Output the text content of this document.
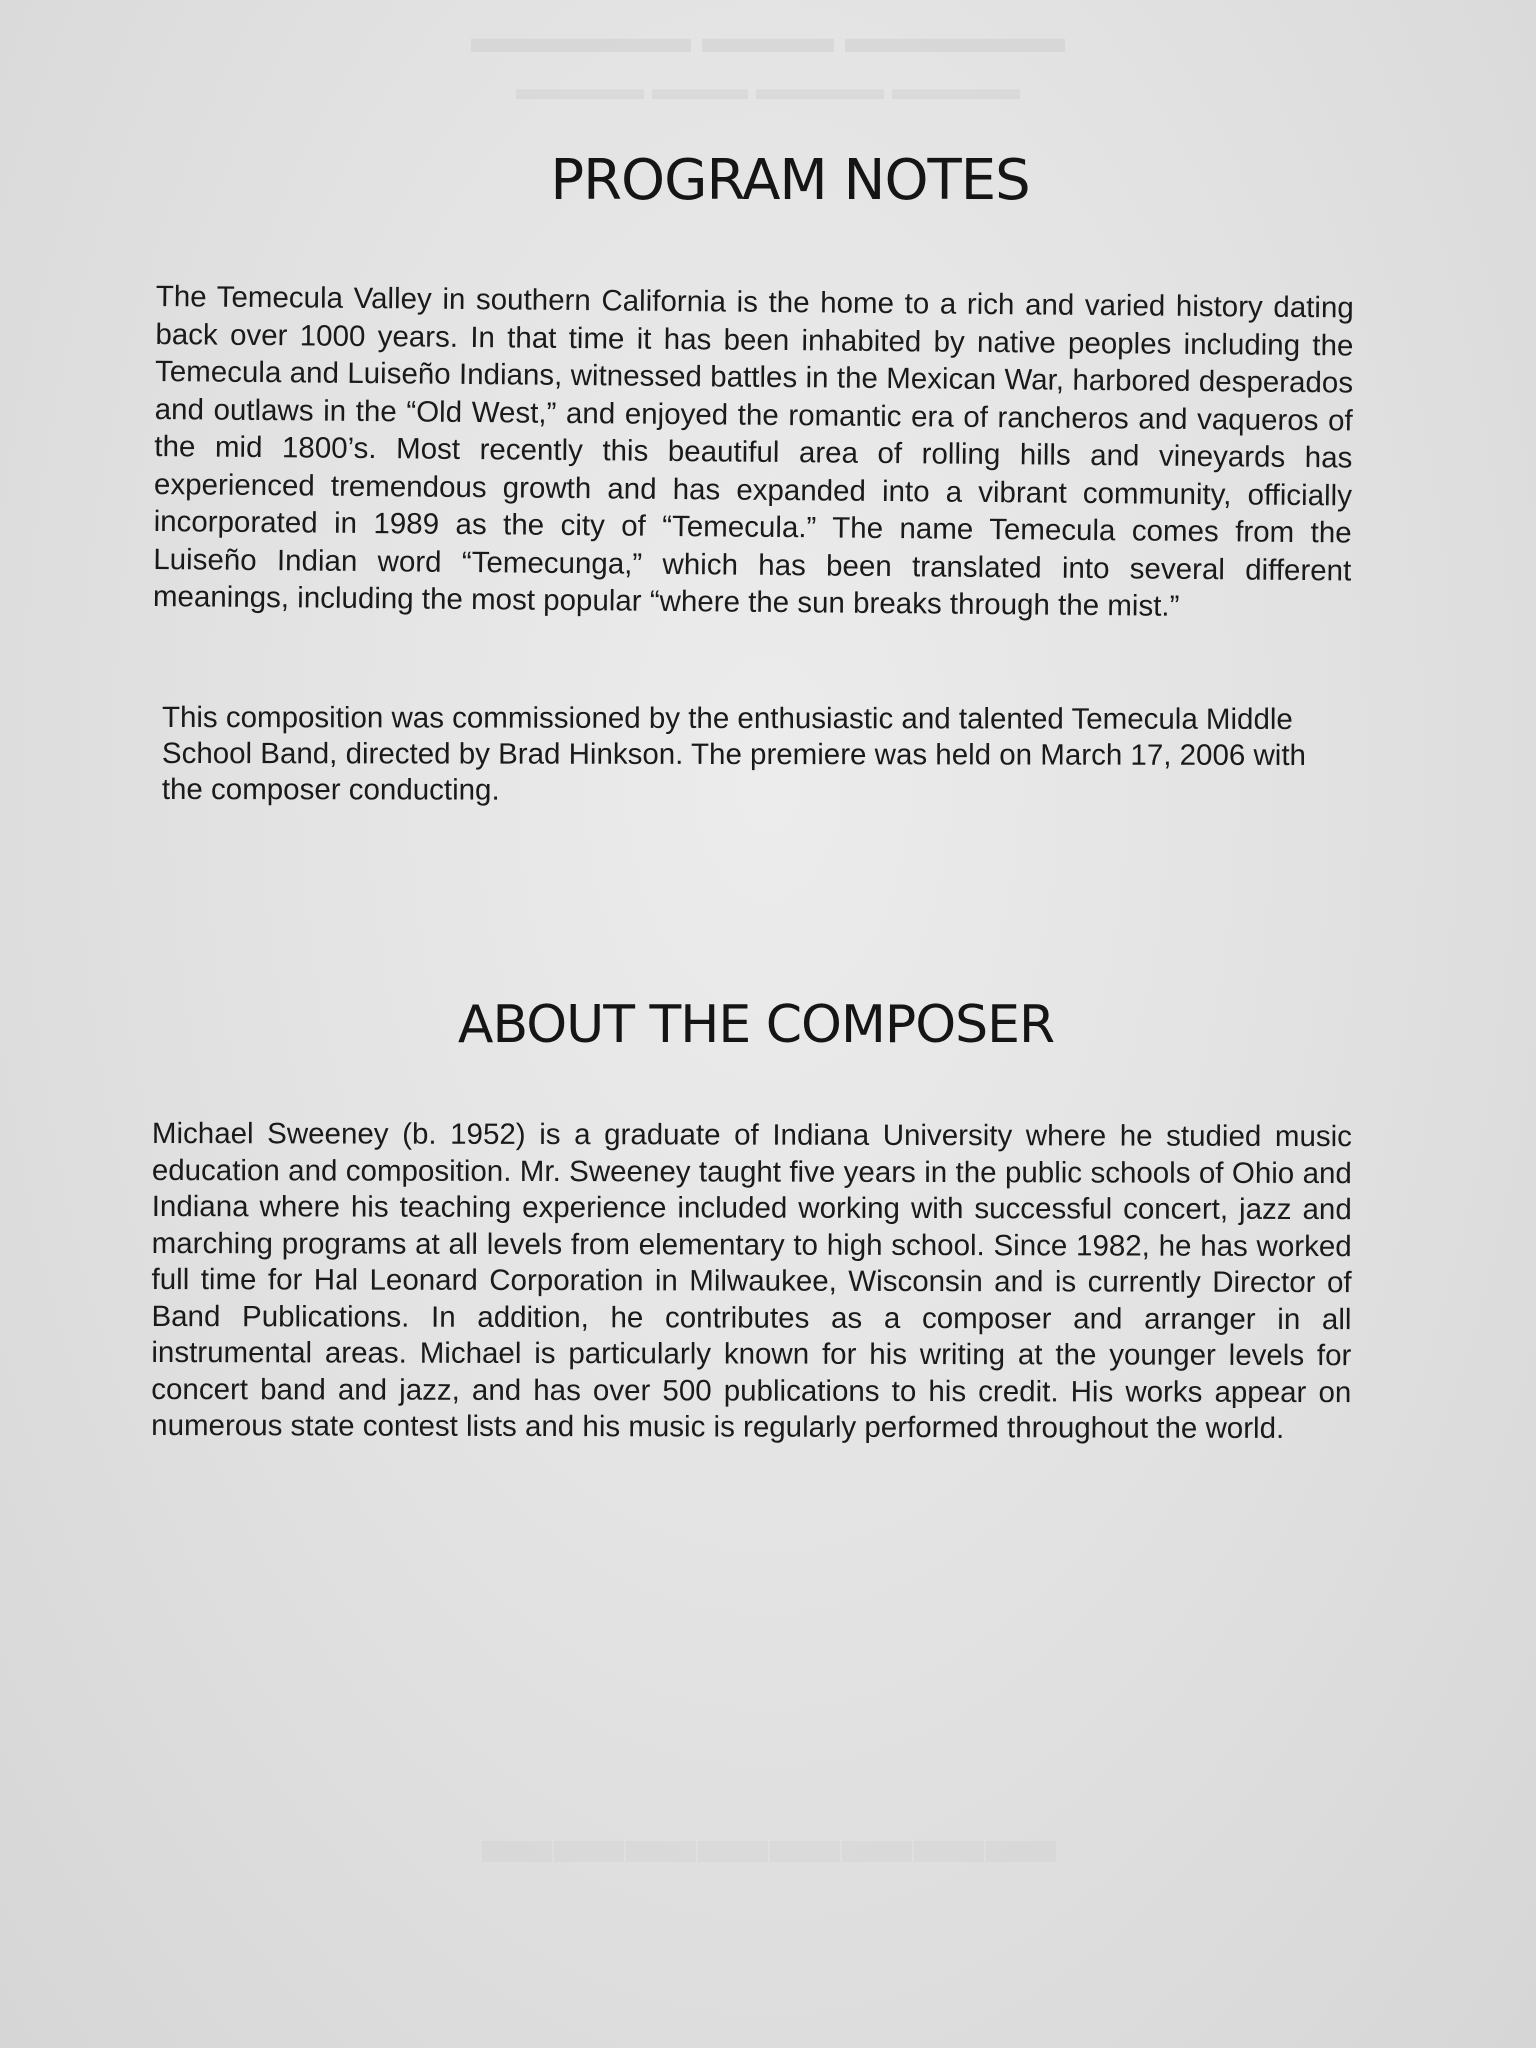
▬▬▬▬▬ ▬▬▬ ▬▬▬▬▬
▬▬▬▬ ▬▬▬▬ ▬▬▬ ▬▬▬▬
PROGRAM NOTES

The Temecula Valley in southern California is the home to a rich and varied history dating back over 1000 years. In that time it has been inhabited by native peoples including the Temecula and Luiseño Indians, witnessed battles in the Mexican War, harbored desperados and outlaws in the “Old West,” and enjoyed the romantic era of rancheros and vaqueros of the mid 1800’s. Most recently this beautiful area of rolling hills and vineyards has experienced tremendous growth and has expanded into a vibrant community, officially incorporated in 1989 as the city of “Temecula.” The name Temecula comes from the Luiseño Indian word “Temecunga,” which has been translated into several different meanings, including the most popular “where the sun breaks through the mist.”

This composition was commissioned by the enthusiastic and talented Temecula Middle School Band, directed by Brad Hinkson. The premiere was held on March 17, 2006 with the composer conducting.

ABOUT THE COMPOSER

Michael Sweeney (b. 1952) is a graduate of Indiana University where he studied music education and composition. Mr. Sweeney taught five years in the public schools of Ohio and Indiana where his teaching experience included working with successful concert, jazz and marching programs at all levels from elementary to high school. Since 1982, he has worked full time for Hal Leonard Corporation in Milwaukee, Wisconsin and is currently Director of Band Publications. In addition, he contributes as a composer and arranger in all instrumental areas. Michael is particularly known for his writing at the younger levels for concert band and jazz, and has over 500 publications to his credit. His works appear on numerous state contest lists and his music is regularly performed throughout the world.

▬▬▬▬▬▬▬▬
